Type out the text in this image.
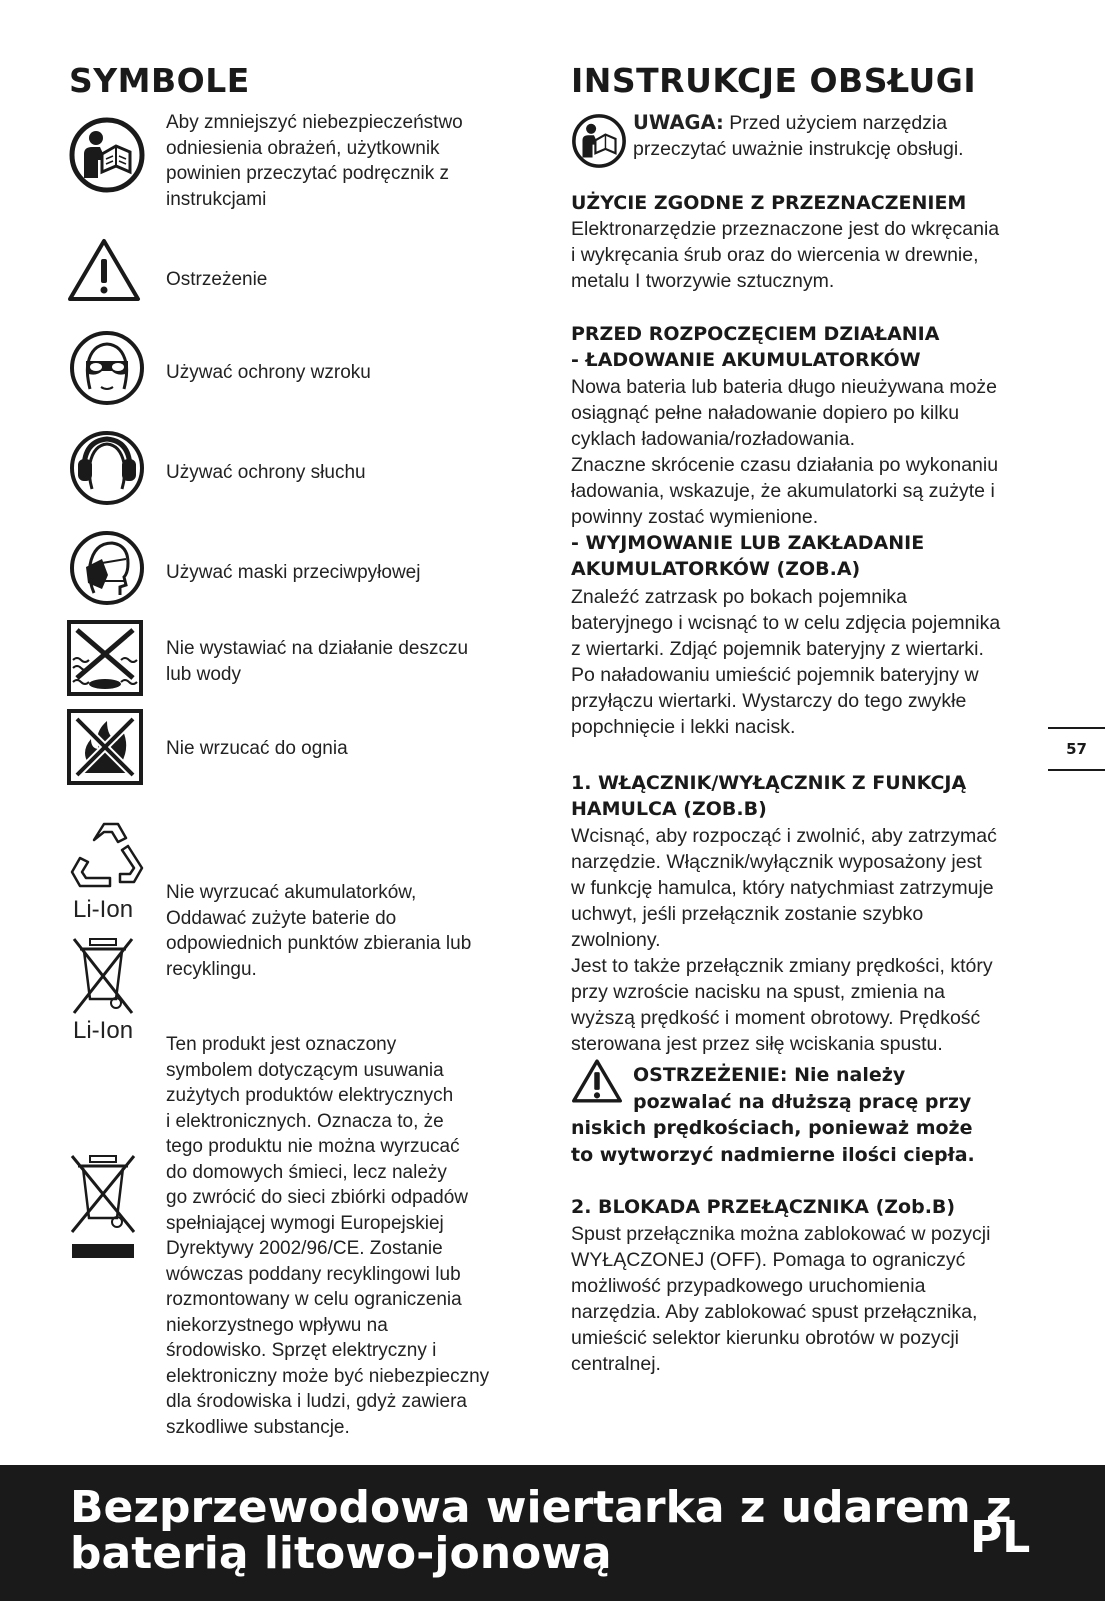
SYMBOLE
Aby zmniejszyć niebezpieczeństwo
odniesienia obrażeń, użytkownik
powinien przeczytać podręcznik z
instrukcjami
Ostrzeżenie
Używać ochrony wzroku
Używać ochrony słuchu
Używać maski przeciwpyłowej
Nie wystawiać na działanie deszczu
lub wody
Nie wrzucać do ognia
Li-Ion
Li-Ion
Nie wyrzucać akumulatorków,
Oddawać zużyte baterie do
odpowiednich punktów zbierania lub
recyklingu.
Ten produkt jest oznaczony
symbolem dotyczącym usuwania
zużytych produktów elektrycznych
i elektronicznych. Oznacza to, że
tego produktu nie można wyrzucać
do domowych śmieci, lecz należy
go zwrócić do sieci zbiórki odpadów
spełniającej wymogi Europejskiej
Dyrektywy 2002/96/CE. Zostanie
wówczas poddany recyklingowi lub
rozmontowany w celu ograniczenia
niekorzystnego wpływu na
środowisko. Sprzęt elektryczny i
elektroniczny może być niebezpieczny
dla środowiska i ludzi, gdyż zawiera
szkodliwe substancje.
INSTRUKCJE OBSŁUGI
UWAGA: Przed użyciem narzędzia
przeczytać uważnie instrukcję obsługi.
UŻYCIE ZGODNE Z PRZEZNACZENIEM
Elektronarzędzie przeznaczone jest do wkręcania
i wykręcania śrub oraz do wiercenia w drewnie,
metalu I tworzywie sztucznym.
PRZED ROZPOCZĘCIEM DZIAŁANIA
- ŁADOWANIE AKUMULATORKÓW
Nowa bateria lub bateria długo nieużywana może
osiągnąć pełne naładowanie dopiero po kilku
cyklach ładowania/rozładowania.
Znaczne skrócenie czasu działania po wykonaniu
ładowania, wskazuje, że akumulatorki są zużyte i
powinny zostać wymienione.
- WYJMOWANIE LUB ZAKŁADANIE
AKUMULATORKÓW (ZOB.A)
Znaleźć zatrzask po bokach pojemnika
bateryjnego i wcisnąć to w celu zdjęcia pojemnika
z wiertarki. Zdjąć pojemnik bateryjny z wiertarki.
Po naładowaniu umieścić pojemnik bateryjny w
przyłączu wiertarki. Wystarczy do tego zwykłe
popchnięcie i lekki nacisk.
1. WŁĄCZNIK/WYŁĄCZNIK Z FUNKCJĄ
HAMULCA (ZOB.B)
Wcisnąć, aby rozpocząć i zwolnić, aby zatrzymać
narzędzie. Włącznik/wyłącznik wyposażony jest
w funkcję hamulca, który natychmiast zatrzymuje
uchwyt, jeśli przełącznik zostanie szybko
zwolniony.
Jest to także przełącznik zmiany prędkości, który
przy wzroście nacisku na spust, zmienia na
wyższą prędkość i moment obrotowy. Prędkość
sterowana jest przez siłę wciskania spustu.
OSTRZEŻENIE: Nie należy
pozwalać na dłuższą pracę przy
niskich prędkościach, ponieważ może
to wytworzyć nadmierne ilości ciepła.
2. BLOKADA PRZEŁĄCZNIKA (Zob.B)
Spust przełącznika można zablokować w pozycji
WYŁĄCZONEJ (OFF). Pomaga to ograniczyć
możliwość przypadkowego uruchomienia
narzędzia. Aby zablokować spust przełącznika,
umieścić selektor kierunku obrotów w pozycji
centralnej.
57
Bezprzewodowa wiertarka z udarem z
baterią litowo-jonową	PL
